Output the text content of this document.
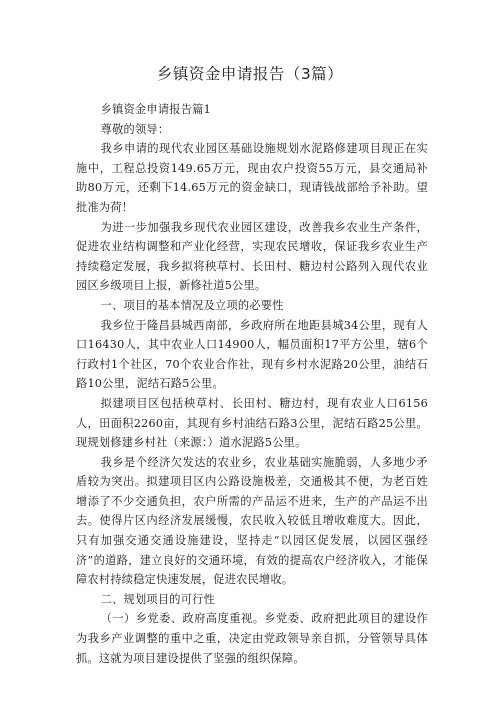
乡镇资金申请报告（3篇）

乡镇资金申请报告篇1

尊敬的领导：

我乡申请的现代农业园区基础设施规划水泥路修建项目现正在实施中，工程总投资149.65万元，现由农户投资55万元，县交通局补助80万元，还剩下14.65万元的资金缺口，现请钱战部给予补助。望批准为荷！

为进一步加强我乡现代农业园区建设，改善我乡农业生产条件，促进农业结构调整和产业化经营，实现农民增收，保证我乡农业生产持续稳定发展，我乡拟将秧草村、长田村、糖边村公路列入现代农业园区乡级项目上报，新修社道5公里。

一、项目的基本情况及立项的必要性

我乡位于隆昌县城西南部，乡政府所在地距县城34公里，现有人口16430人，其中农业人口14900人，幅员面积17平方公里，辖6个行政村1个社区，70个农业合作社，现有乡村水泥路20公里，油结石路10公里，泥结石路5公里。

拟建项目区包括秧草村、长田村、糖边村，现有农业人口6156人，田面积2260亩，其现有乡村油结石路3公里，泥结石路25公里。现规划修建乡村社（来源：）道水泥路5公里。

我乡是个经济欠发达的农业乡，农业基础实施脆弱，人多地少矛盾较为突出。拟建项目区内公路设施极差，交通极其不便，为老百姓增添了不少交通负担，农户所需的产品运不进来，生产的产品运不出去。使得片区内经济发展缓慢，农民收入较低且增收难度大。因此，只有加强交通交通设施建设，坚持走“以园区促发展，以园区强经济”的道路，建立良好的交通环境，有效的提高农户经济收入，才能保障农村持续稳定快速发展，促进农民增收。

二、规划项目的可行性

（一）乡党委、政府高度重视。乡党委、政府把此项目的建设作为我乡产业调整的重中之重，决定由党政领导亲自抓，分管领导具体抓。这就为项目建设提供了坚强的组织保障。
